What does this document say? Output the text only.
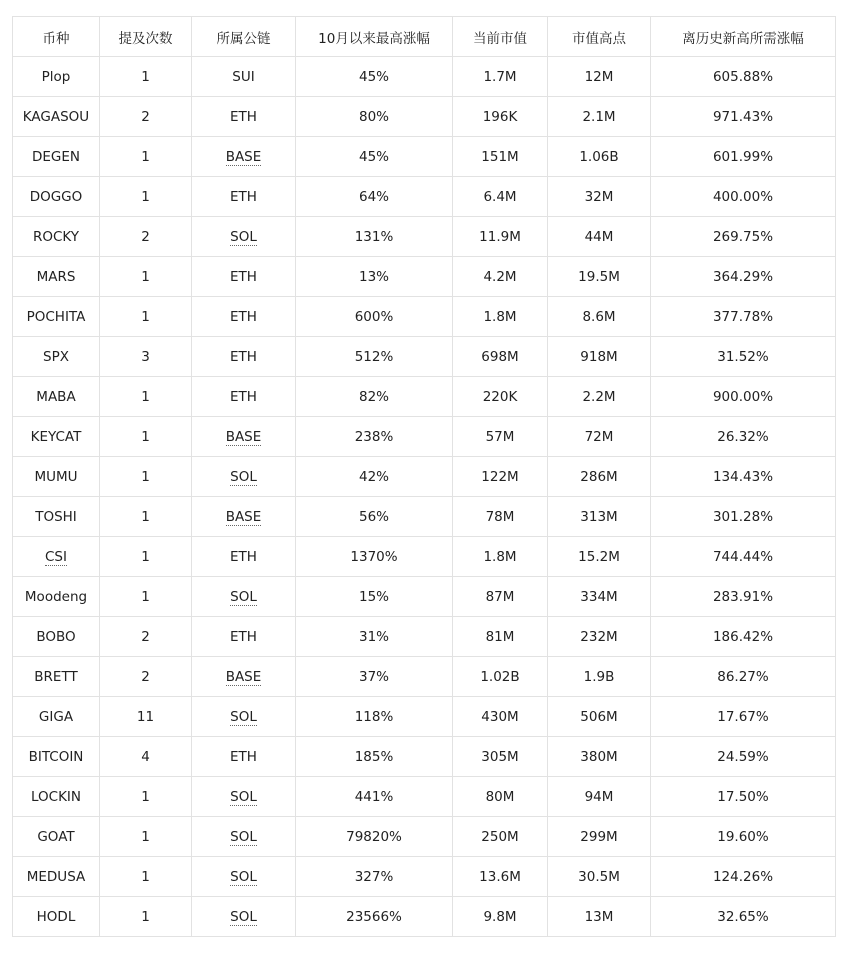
币种	提及次数	所属公链	10月以来最高涨幅	当前市值	市值高点	离历史新高所需涨幅
Plop	1	SUI	45%	1.7M	12M	605.88%
KAGASOU	2	ETH	80%	196K	2.1M	971.43%
DEGEN	1	BASE	45%	151M	1.06B	601.99%
DOGGO	1	ETH	64%	6.4M	32M	400.00%
ROCKY	2	SOL	131%	11.9M	44M	269.75%
MARS	1	ETH	13%	4.2M	19.5M	364.29%
POCHITA	1	ETH	600%	1.8M	8.6M	377.78%
SPX	3	ETH	512%	698M	918M	31.52%
MABA	1	ETH	82%	220K	2.2M	900.00%
KEYCAT	1	BASE	238%	57M	72M	26.32%
MUMU	1	SOL	42%	122M	286M	134.43%
TOSHI	1	BASE	56%	78M	313M	301.28%
CSI	1	ETH	1370%	1.8M	15.2M	744.44%
Moodeng	1	SOL	15%	87M	334M	283.91%
BOBO	2	ETH	31%	81M	232M	186.42%
BRETT	2	BASE	37%	1.02B	1.9B	86.27%
GIGA	11	SOL	118%	430M	506M	17.67%
BITCOIN	4	ETH	185%	305M	380M	24.59%
LOCKIN	1	SOL	441%	80M	94M	17.50%
GOAT	1	SOL	79820%	250M	299M	19.60%
MEDUSA	1	SOL	327%	13.6M	30.5M	124.26%
HODL	1	SOL	23566%	9.8M	13M	32.65%
